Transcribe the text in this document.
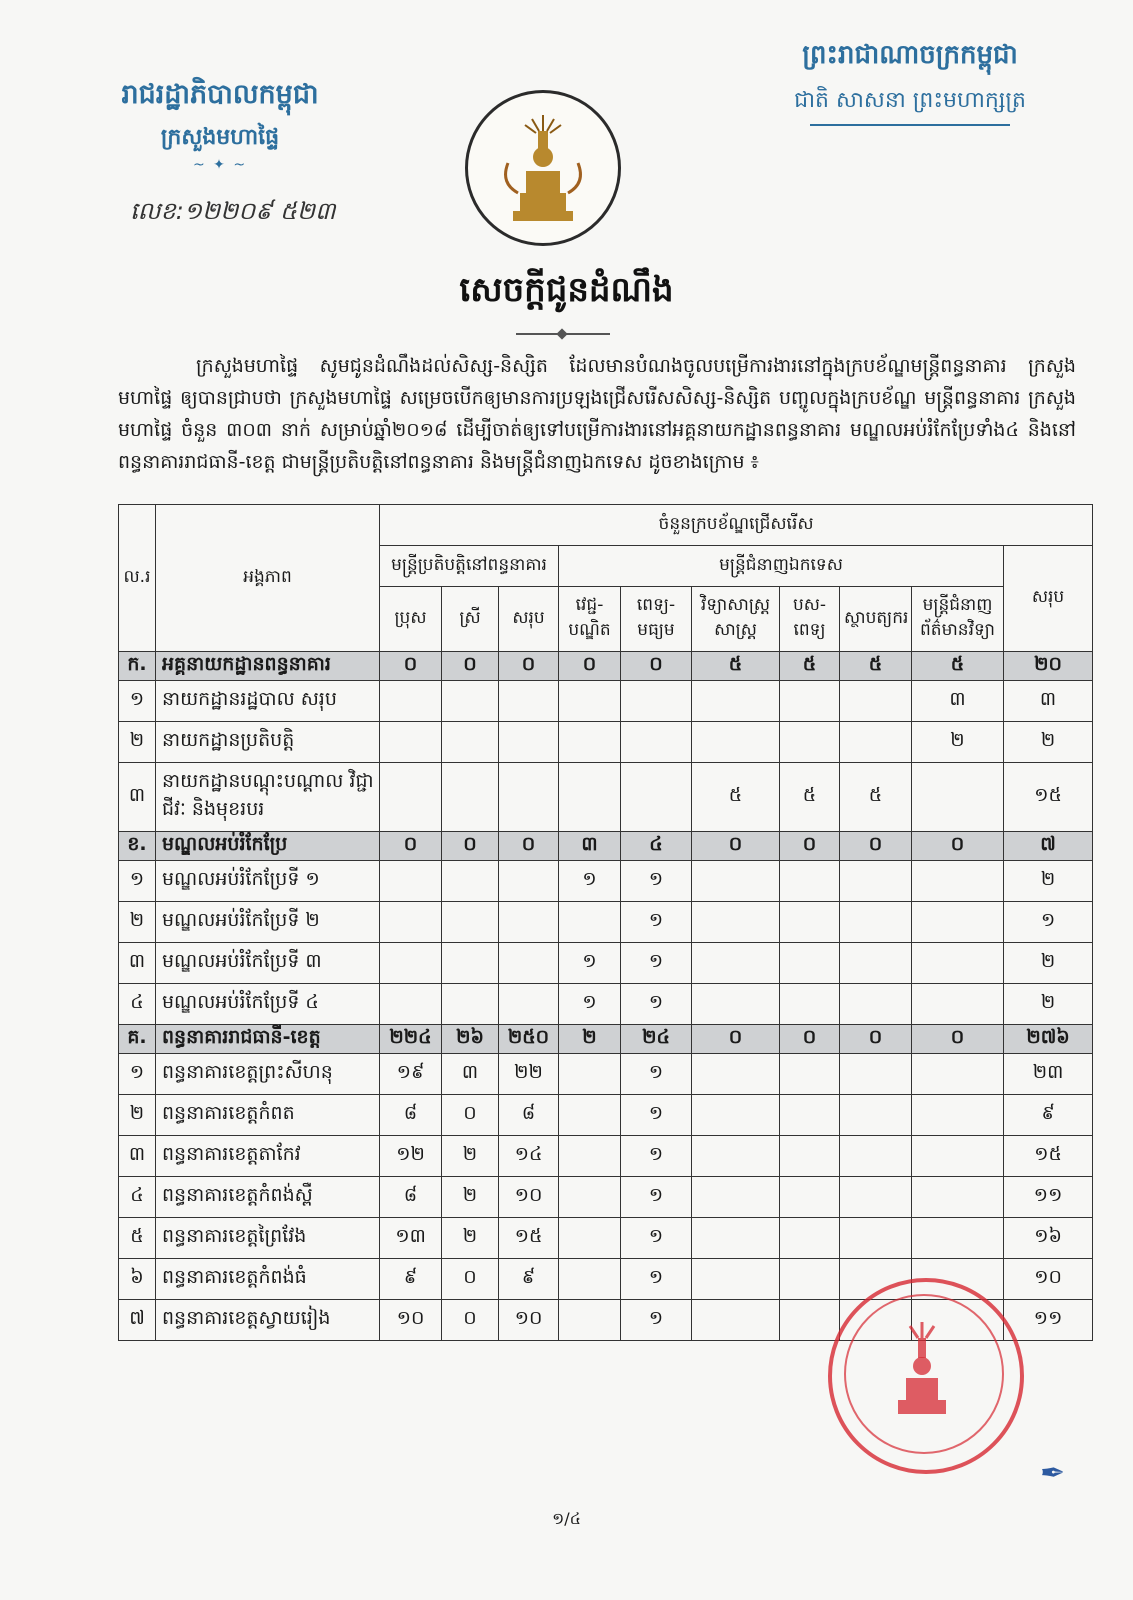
រាជរដ្ឋាភិបាលកម្ពុជា
ក្រសួងមហាផ្ទៃ
~ ✦ ~
លេខ:១២២០៩ ៥២៣
ព្រះរាជាណាចក្រកម្ពុជា
ជាតិ សាសនា ព្រះមហាក្សត្រ
សេចក្ដីជូនដំណឹង
ក្រសួងមហាផ្ទៃ សូមជូនដំណឹងដល់សិស្ស-និស្សិត ដែលមានបំណងចូលបម្រើការងារនៅក្នុងក្របខ័ណ្ឌមន្ត្រីពន្ធនាគារ ក្រសួងមហាផ្ទៃ ឲ្យបានជ្រាបថា ក្រសួងមហាផ្ទៃ សម្រេចបើកឲ្យមានការប្រឡងជ្រើសរើសសិស្ស-និស្សិត បញ្ចូលក្នុងក្របខ័ណ្ឌ មន្ត្រីពន្ធនាគារ ក្រសួងមហាផ្ទៃ ចំនួន ៣០៣ នាក់ សម្រាប់ឆ្នាំ២០១៨ ដើម្បីចាត់ឲ្យទៅបម្រើការងារនៅអគ្គនាយកដ្ឋានពន្ធនាគារ មណ្ឌលអប់រំកែប្រែទាំង៤ និងនៅពន្ធនាគាររាជធានី-ខេត្ត ជាមន្ត្រីប្រតិបត្តិនៅពន្ធនាគារ និងមន្ត្រីជំនាញឯកទេស ដូចខាងក្រោម ៖
ល.រ	អង្គភាព	ចំនួនក្របខ័ណ្ឌជ្រើសរើស									
		មន្ត្រីប្រតិបត្តិនៅពន្ធនាគារ			មន្ត្រីជំនាញឯកទេស						សរុប
		ប្រុស	ស្រី	សរុប	វេជ្ជ- បណ្ឌិត	ពេទ្យ- មធ្យម	វិទ្យាសាស្ត្រ សាស្ត្រ	បស- ពេទ្យ	ស្ថាបត្យករ	មន្ត្រីជំនាញ ព័ត៌មានវិទ្យា	
ក.	អគ្គនាយកដ្ឋានពន្ធនាគារ	០	០	០	០	០	៥	៥	៥	៥	២០
១	នាយកដ្ឋានរដ្ឋបាល សរុប									៣	៣
២	នាយកដ្ឋានប្រតិបត្តិ									២	២
៣	នាយកដ្ឋានបណ្ដុះបណ្ដាល វិជ្ជាជីវៈ និងមុខរបរ						៥	៥	៥		១៥
ខ.	មណ្ឌលអប់រំកែប្រែ	០	០	០	៣	៤	០	០	០	០	៧
១	មណ្ឌលអប់រំកែប្រែទី ១				១	១					២
២	មណ្ឌលអប់រំកែប្រែទី ២					១					១
៣	មណ្ឌលអប់រំកែប្រែទី ៣				១	១					២
៤	មណ្ឌលអប់រំកែប្រែទី ៤				១	១					២
គ.	ពន្ធនាគាររាជធានី-ខេត្ត	២២៤	២៦	២៥០	២	២៤	០	០	០	០	២៧៦
១	ពន្ធនាគារខេត្តព្រះសីហនុ	១៩	៣	២២		១					២៣
២	ពន្ធនាគារខេត្តកំពត	៨	០	៨		១					៩
៣	ពន្ធនាគារខេត្តតាកែវ	១២	២	១៤		១					១៥
៤	ពន្ធនាគារខេត្តកំពង់ស្ពឺ	៨	២	១០		១					១១
៥	ពន្ធនាគារខេត្តព្រៃវែង	១៣	២	១៥		១					១៦
៦	ពន្ធនាគារខេត្តកំពង់ធំ	៩	០	៩		១					១០
៧	ពន្ធនាគារខេត្តស្វាយរៀង	១០	០	១០		១					១១
១/៤
✒
